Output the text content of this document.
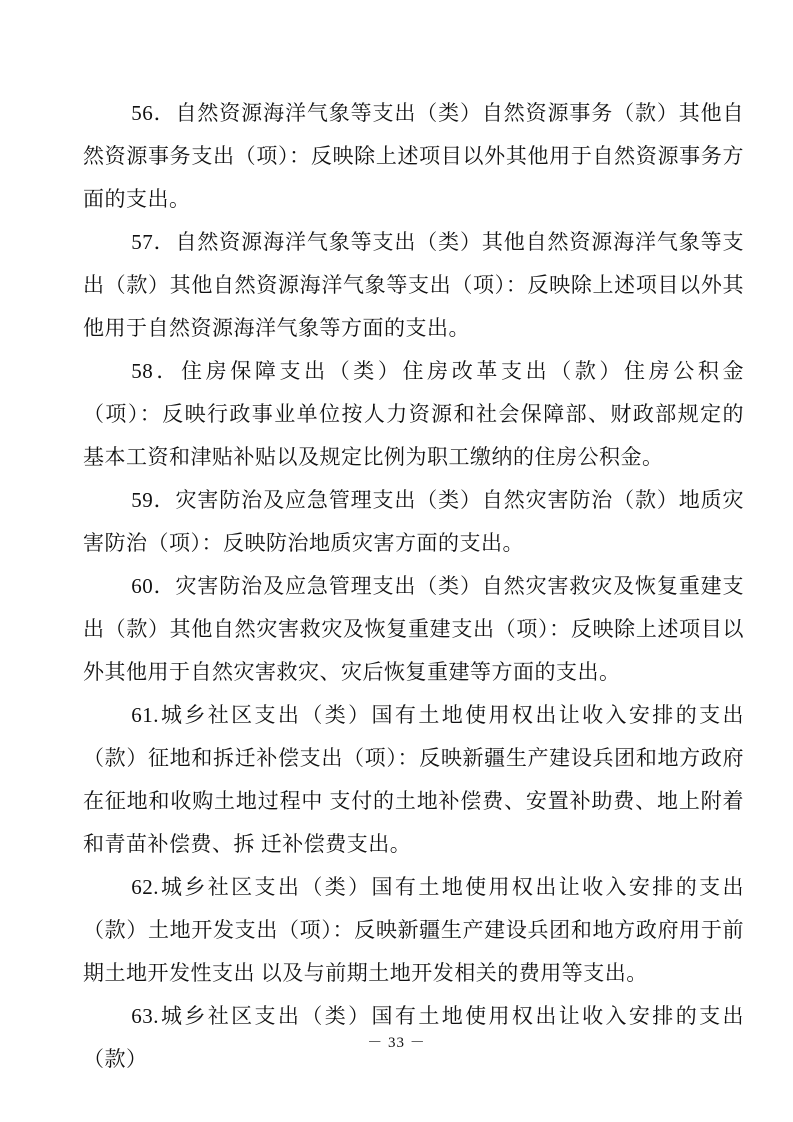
56．自然资源海洋气象等支出（类）自然资源事务（款）其他自然资源事务支出（项）：反映除上述项目以外其他用于自然资源事务方面的支出。

57．自然资源海洋气象等支出（类）其他自然资源海洋气象等支出（款）其他自然资源海洋气象等支出（项）：反映除上述项目以外其他用于自然资源海洋气象等方面的支出。

58．住房保障支出（类）住房改革支出（款）住房公积金（项）：反映行政事业单位按人力资源和社会保障部、财政部规定的 基本工资和津贴补贴以及规定比例为职工缴纳的住房公积金。

59．灾害防治及应急管理支出（类）自然灾害防治（款）地质灾害防治（项）：反映防治地质灾害方面的支出。

60．灾害防治及应急管理支出（类）自然灾害救灾及恢复重建支出（款）其他自然灾害救灾及恢复重建支出（项）：反映除上述项目以外其他用于自然灾害救灾、灾后恢复重建等方面的支出。

61.城乡社区支出（类）国有土地使用权出让收入安排的支出（款）征地和拆迁补偿支出（项）：反映新疆生产建设兵团和地方政府在征地和收购土地过程中 支付的土地补偿费、安置补助费、地上附着和青苗补偿费、拆 迁补偿费支出。

62.城乡社区支出（类）国有土地使用权出让收入安排的支出（款）土地开发支出（项）：反映新疆生产建设兵团和地方政府用于前期土地开发性支出 以及与前期土地开发相关的费用等支出。

63.城乡社区支出（类）国有土地使用权出让收入安排的支出（款）

－ 33 －
